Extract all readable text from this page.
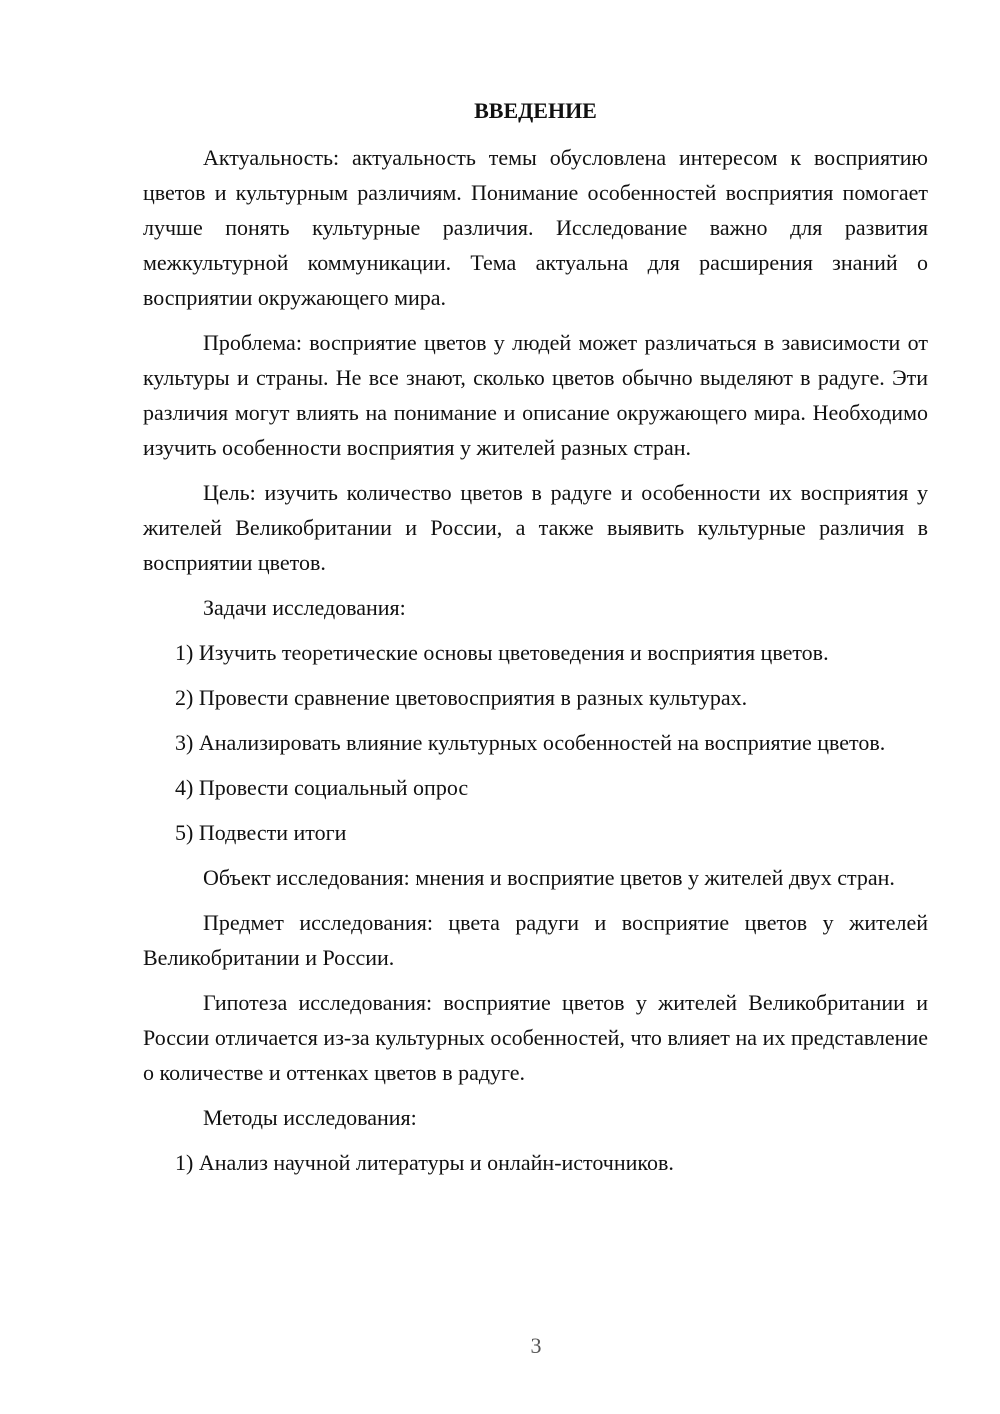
ВВЕДЕНИЕ

Актуальность: актуальность темы обусловлена интересом к восприятию цветов и культурным различиям. Понимание особенностей восприятия помогает лучше понять культурные различия. Исследование важно для развития межкультурной коммуникации. Тема актуальна для расширения знаний о восприятии окружающего мира.

Проблема: восприятие цветов у людей может различаться в зависимости от культуры и страны. Не все знают, сколько цветов обычно выделяют в радуге. Эти различия могут влиять на понимание и описание окружающего мира. Необходимо изучить особенности восприятия у жителей разных стран.

Цель: изучить количество цветов в радуге и особенности их восприятия у жителей Великобритании и России, а также выявить культурные различия в восприятии цветов.

Задачи исследования:

1) Изучить теоретические основы цветоведения и восприятия цветов.

2) Провести сравнение цветовосприятия в разных культурах.

3) Анализировать влияние культурных особенностей на восприятие цветов.

4) Провести социальный опрос

5) Подвести итоги

Объект исследования: мнения и восприятие цветов у жителей двух стран.

Предмет исследования: цвета радуги и восприятие цветов у жителей Великобритании и России.

Гипотеза исследования: восприятие цветов у жителей Великобритании и России отличается из-за культурных особенностей, что влияет на их представление о количестве и оттенках цветов в радуге.

Методы исследования:

1) Анализ научной литературы и онлайн-источников.

3
